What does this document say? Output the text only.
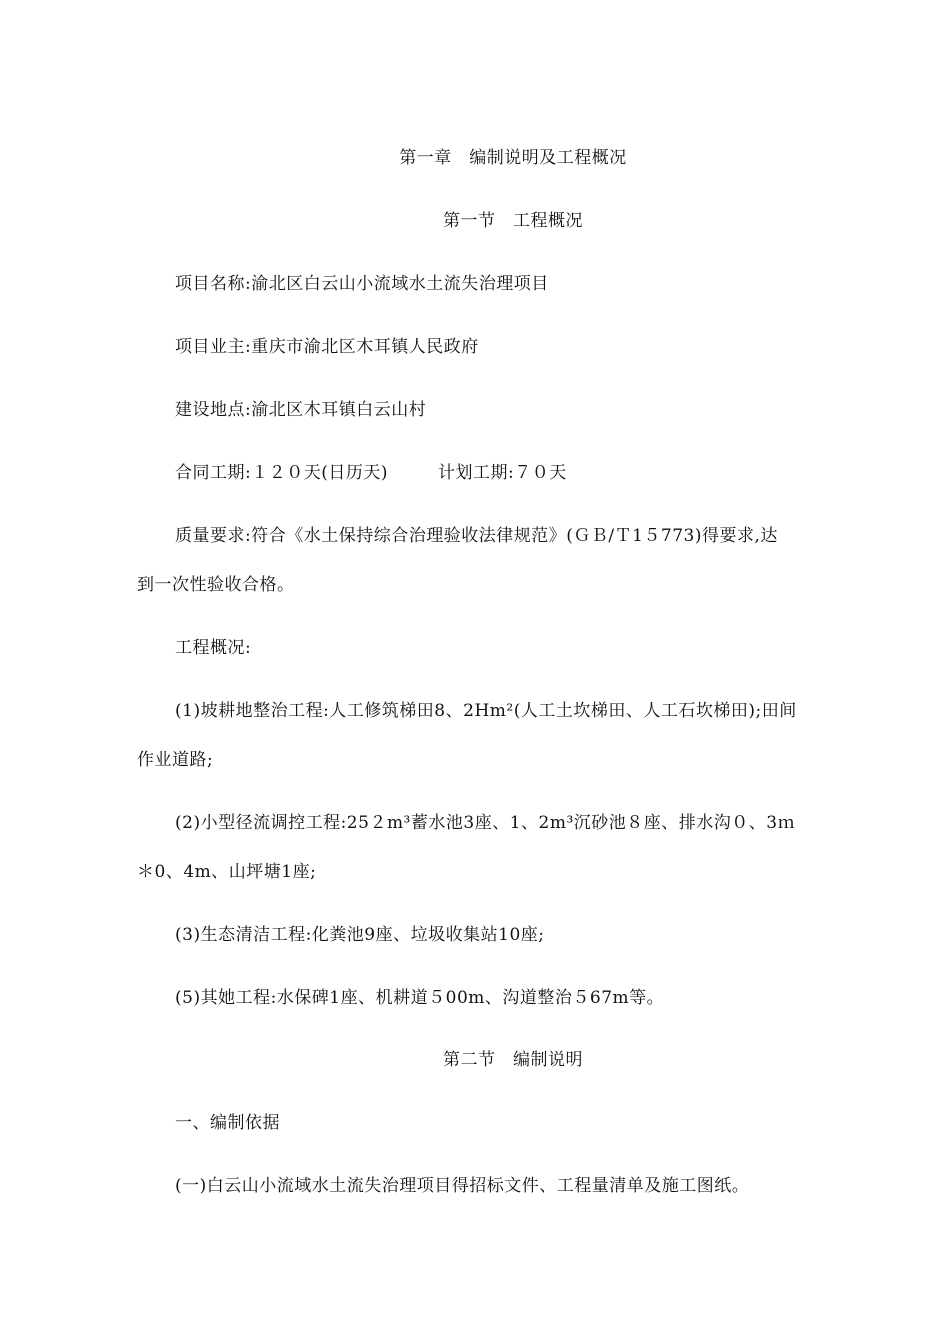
第一章　编制说明及工程概况
第一节　工程概况
项目名称:渝北区白云山小流域水土流失治理项目
项目业主:重庆市渝北区木耳镇人民政府
建设地点:渝北区木耳镇白云山村
合同工期:１２０天(日历天)	计划工期:７０天
质量要求:符合《水土保持综合治理验收法律规范》(ＧＢ/Ｔ1５773)得要求,达
到一次性验收合格。
工程概况:
(1)坡耕地整治工程:人工修筑梯田8、2Hm²(人工土坎梯田、人工石坎梯田);田间
作业道路;
(2)小型径流调控工程:25２m³蓄水池3座、1、2m³沉砂池８座、排水沟０、3ｍ
＊0、4m、山坪塘1座;
(3)生态清洁工程:化粪池9座、垃圾收集站10座;
(5)其她工程:水保碑1座、机耕道５00m、沟道整治５67m等。
第二节　编制说明
一、编制依据
(一)白云山小流域水土流失治理项目得招标文件、工程量清单及施工图纸。
